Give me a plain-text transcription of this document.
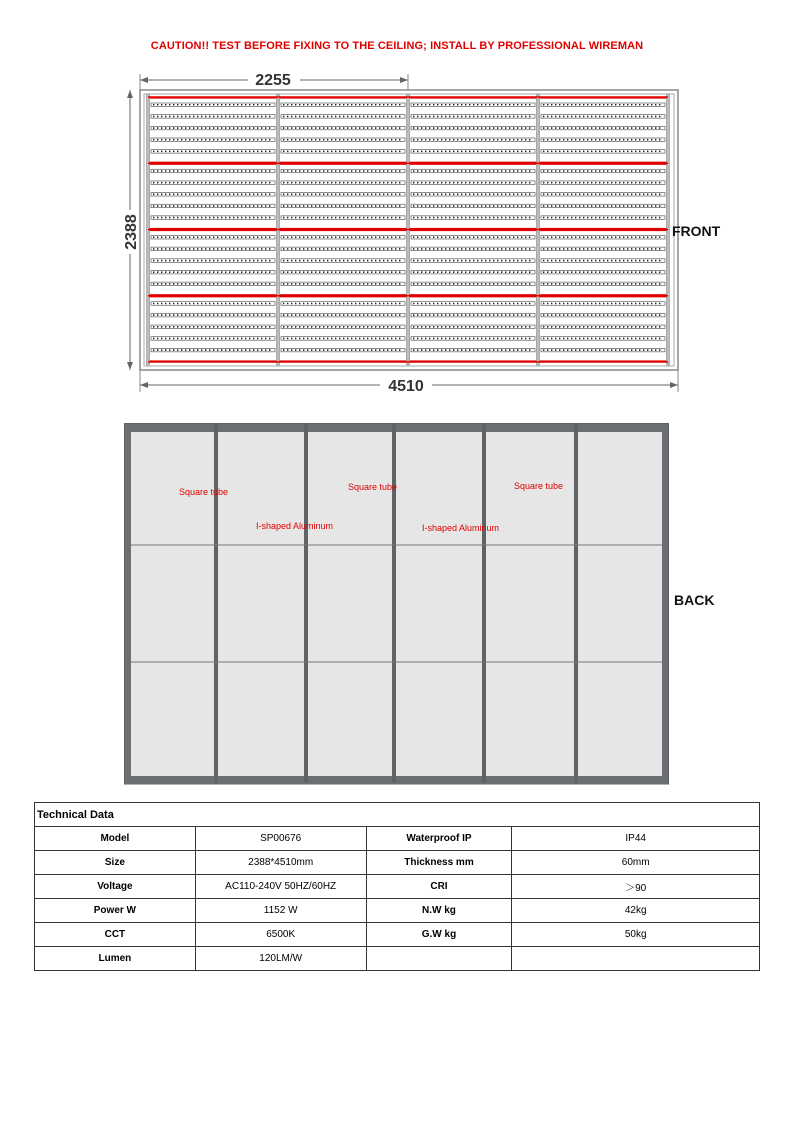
CAUTION!! TEST BEFORE FIXING TO THE CEILING; INSTALL BY PROFESSIONAL WIREMAN
2255
2388
4510
FRONT
BACK
Square tube	Square tube	Square tube
I-shaped Aluminum	I-shaped Aluminum
Technical Data			
Model	SP00676	Waterproof IP	IP44
Size	2388*4510mm	Thickness mm	60mm
Voltage	AC110-240V 50HZ/60HZ	CRI	＞90
Power W	1152 W	N.W kg	42kg
CCT	6500K	G.W kg	50kg
Lumen	120LM/W		
